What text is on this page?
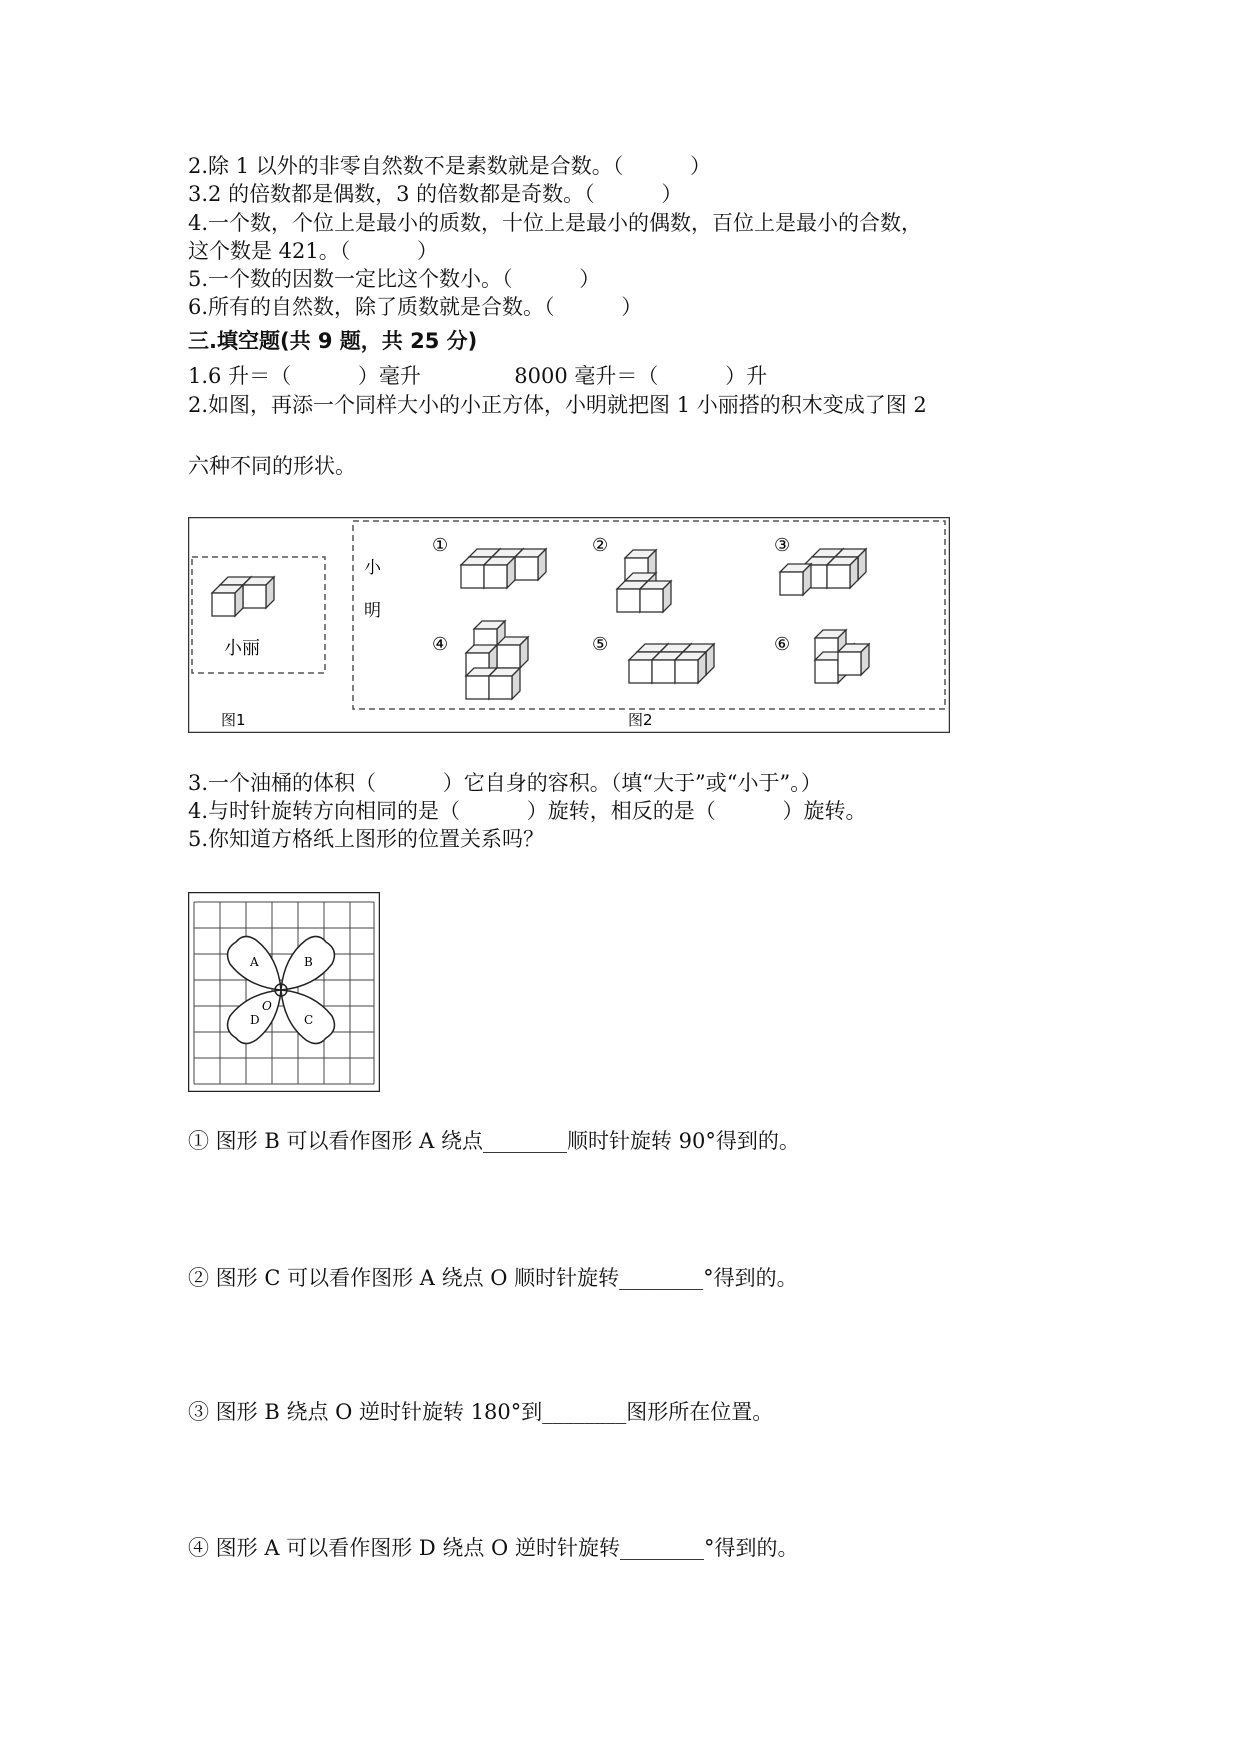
2.除 1 以外的非零自然数不是素数就是合数。（          ）
3.2 的倍数都是偶数，3 的倍数都是奇数。（          ）
4.一个数，个位上是最小的质数，十位上是最小的偶数，百位上是最小的合数，
这个数是 421。（          ）
5.一个数的因数一定比这个数小。（          ）
6.所有的自然数，除了质数就是合数。（          ）
三.填空题(共 9 题，共 25 分)
1.6 升＝（          ）毫升              8000 毫升＝（          ）升
2.如图，再添一个同样大小的小正方体，小明就把图 1 小丽搭的积木变成了图 2
六种不同的形状。
小丽
小
明
①	②	③
④	⑤	⑥
图1	图2
3.一个油桶的体积（          ）它自身的容积。（填“大于”或“小于”。）
4.与时针旋转方向相同的是（          ）旋转，相反的是（          ）旋转。
5.你知道方格纸上图形的位置关系吗？
A	B
C
D
O
① 图形 B 可以看作图形 A 绕点________顺时针旋转 90°得到的。
② 图形 C 可以看作图形 A 绕点 O 顺时针旋转________°得到的。
③ 图形 B 绕点 O 逆时针旋转 180°到________图形所在位置。
④ 图形 A 可以看作图形 D 绕点 O 逆时针旋转________°得到的。
